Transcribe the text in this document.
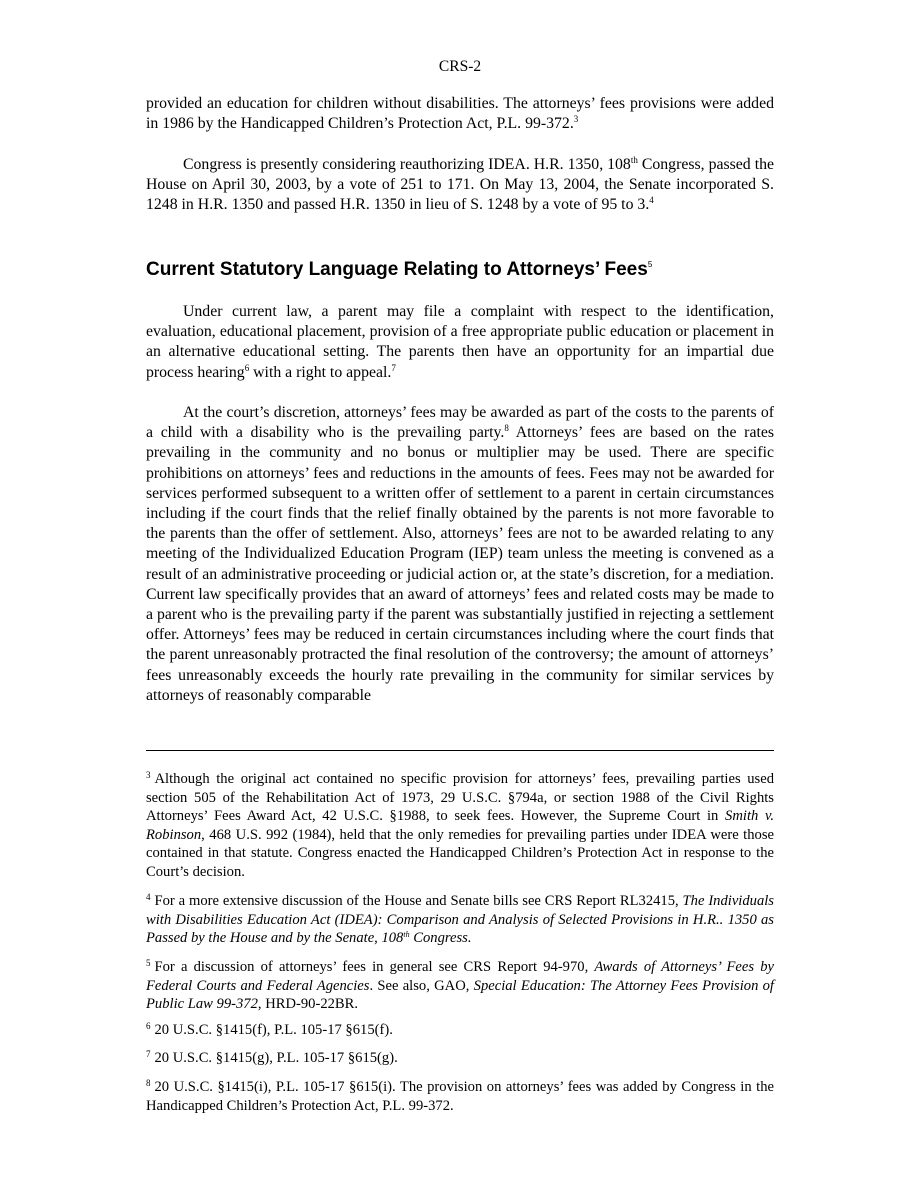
CRS-2

provided an education for children without disabilities. The attorneys’ fees provisions were added in 1986 by the Handicapped Children’s Protection Act, P.L. 99-372.$^3$

Congress is presently considering reauthorizing IDEA. H.R. 1350, 108th Congress, passed the House on April 30, 2003, by a vote of 251 to 171. On May 13, 2004, the Senate incorporated S. 1248 in H.R. 1350 and passed H.R. 1350 in lieu of S. 1248 by a vote of 95 to 3.$^4$

Current Statutory Language Relating to Attorneys’ Fees$^5$

Under current law, a parent may file a complaint with respect to the identification, evaluation, educational placement, provision of a free appropriate public education or placement in an alternative educational setting. The parents then have an opportunity for an impartial due process hearing$^6$ with a right to appeal.$^7$

At the court’s discretion, attorneys’ fees may be awarded as part of the costs to the parents of a child with a disability who is the prevailing party.$^8$ Attorneys’ fees are based on the rates prevailing in the community and no bonus or multiplier may be used. There are specific prohibitions on attorneys’ fees and reductions in the amounts of fees. Fees may not be awarded for services performed subsequent to a written offer of settlement to a parent in certain circumstances including if the court finds that the relief finally obtained by the parents is not more favorable to the parents than the offer of settlement. Also, attorneys’ fees are not to be awarded relating to any meeting of the Individualized Education Program (IEP) team unless the meeting is convened as a result of an administrative proceeding or judicial action or, at the state’s discretion, for a mediation. Current law specifically provides that an award of attorneys’ fees and related costs may be made to a parent who is the prevailing party if the parent was substantially justified in rejecting a settlement offer. Attorneys’ fees may be reduced in certain circumstances including where the court finds that the parent unreasonably protracted the final resolution of the controversy; the amount of attorneys’ fees unreasonably exceeds the hourly rate prevailing in the community for similar services by attorneys of reasonably comparable

$^3$ Although the original act contained no specific provision for attorneys’ fees, prevailing parties used section 505 of the Rehabilitation Act of 1973, 29 U.S.C. §794a, or section 1988 of the Civil Rights Attorneys’ Fees Award Act, 42 U.S.C. §1988, to seek fees. However, the Supreme Court in Smith v. Robinson, 468 U.S. 992 (1984), held that the only remedies for prevailing parties under IDEA were those contained in that statute. Congress enacted the Handicapped Children’s Protection Act in response to the Court’s decision.
$^4$ For a more extensive discussion of the House and Senate bills see CRS Report RL32415, The Individuals with Disabilities Education Act (IDEA): Comparison and Analysis of Selected Provisions in H.R.. 1350 as Passed by the House and by the Senate, 108th Congress.
$^5$ For a discussion of attorneys’ fees in general see CRS Report 94-970, Awards of Attorneys’ Fees by Federal Courts and Federal Agencies. See also, GAO, Special Education: The Attorney Fees Provision of Public Law 99-372, HRD-90-22BR.
$^6$ 20 U.S.C. §1415(f), P.L. 105-17 §615(f).
$^7$ 20 U.S.C. §1415(g), P.L. 105-17 §615(g).
$^8$ 20 U.S.C. §1415(i), P.L. 105-17 §615(i). The provision on attorneys’ fees was added by Congress in the Handicapped Children’s Protection Act, P.L. 99-372.
